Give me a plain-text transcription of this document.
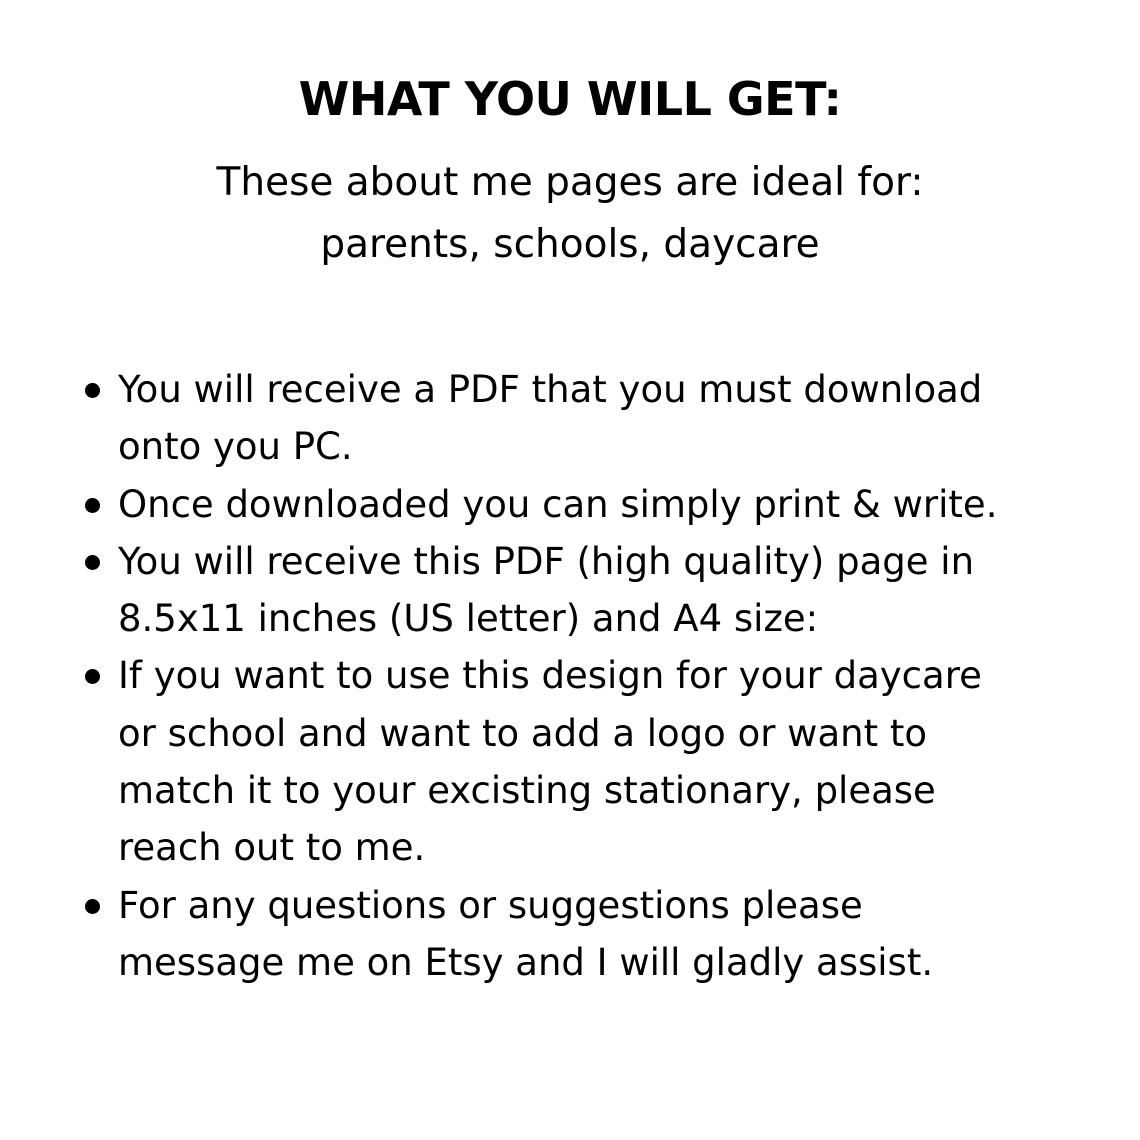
WHAT YOU WILL GET:
These about me pages are ideal for:
parents, schools, daycare
You will receive a PDF that you must download
onto you PC.
Once downloaded you can simply print & write.
You will receive this PDF (high quality) page in
8.5x11 inches (US letter) and A4 size:
If you want to use this design for your daycare
or school and want to add a logo or want to
match it to your excisting stationary, please
reach out to me.
For any questions or suggestions please
message me on Etsy and I will gladly assist.
